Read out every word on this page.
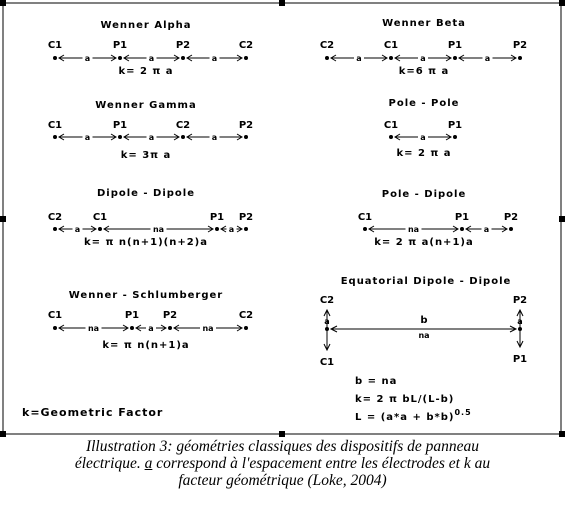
Wenner Alpha
C1	P1	P2	C2
a	a	a
k= 2 π a
Wenner Beta
C2	C1	P1	P2
a	a	a
k=6 π a
Wenner Gamma
C1	P1	C2	P2
a	a	a
k= 3π a
Pole - Pole
C1	P1
a
k= 2 π a
Dipole - Dipole
C2	C1	P1 P2
a	na	a
k= π n(n+1)(n+2)a
Pole - Dipole
C1	P1	P2
na	a
k= 2 π a(n+1)a
Wenner - Schlumberger
C1	P1 P2	C2
na	a	na
k= π n(n+1)a
Equatorial Dipole - Dipole
C2	P2
C1	P1
a	a
b
na
b = na
k= 2 π bL/(L-b)
$L = (a*a + b*b)^{0.5}$
k=Geometric Factor

Illustration 3: géométries classiques des dispositifs de panneau

électrique. a correspond à l'espacement entre les électrodes et k au

facteur géométrique (Loke, 2004)
